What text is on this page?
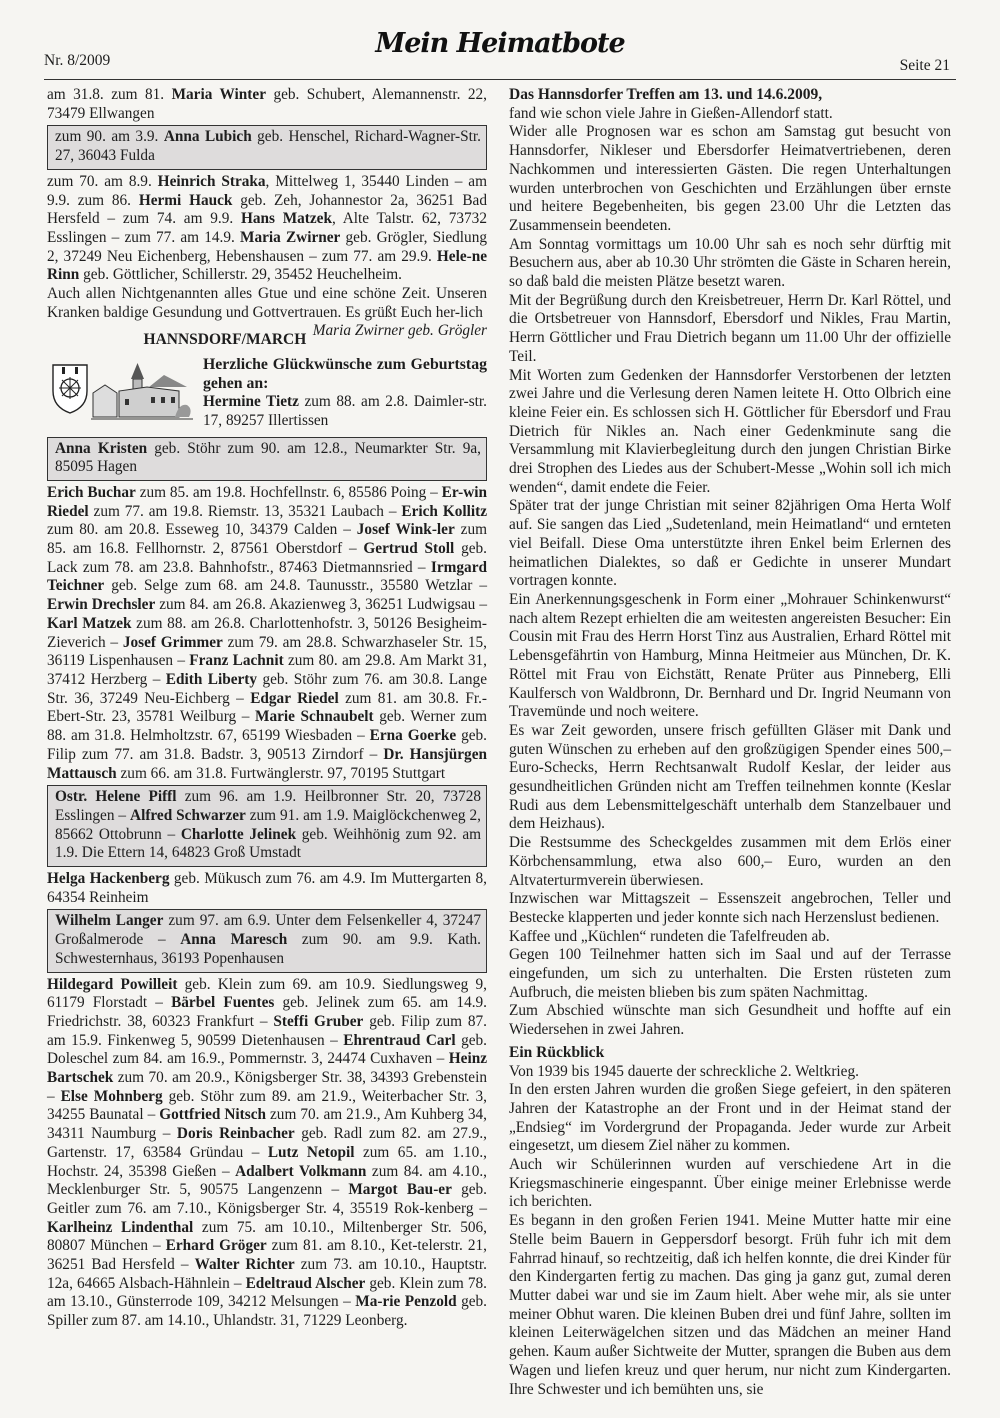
Nr. 8/2009
Mein Heimatbote
Seite 21

am 31.8. zum 81. Maria Winter geb. Schubert, Alemannenstr. 22, 73479 Ellwangen

zum 90. am 3.9. Anna Lubich geb. Henschel, Richard-Wagner-Str. 27, 36043 Fulda

zum 70. am 8.9. Heinrich Straka, Mittelweg 1, 35440 Linden – am 9.9. zum 86. Hermi Hauck geb. Zeh, Johannestor 2a, 36251 Bad Hersfeld – zum 74. am 9.9. Hans Matzek, Alte Talstr. 62, 73732 Esslingen – zum 77. am 14.9. Maria Zwirner geb. Grögler, Siedlung 2, 37249 Neu Eichenberg, Hebenshausen – zum 77. am 29.9. Hele-ne Rinn geb. Göttlicher, Schillerstr. 29, 35452 Heuchelheim.

Auch allen Nichtgenannten alles Gtue und eine schöne Zeit. Unseren Kranken baldige Gesundung und Gottvertrauen. Es grüßt Euch her-lich
Maria Zwirner geb. Grögler

HANNSDORF/MARCH
Herzliche Glückwünsche zum Geburtstag gehen an:
Hermine Tietz zum 88. am 2.8. Daimler-str. 17, 89257 Illertissen
Anna Kristen geb. Stöhr zum 90. am 12.8., Neumarkter Str. 9a, 85095 Hagen

Erich Buchar zum 85. am 19.8. Hochfellnstr. 6, 85586 Poing – Er-win Riedel zum 77. am 19.8. Riemstr. 13, 35321 Laubach – Erich Kollitz zum 80. am 20.8. Esseweg 10, 34379 Calden – Josef Wink-ler zum 85. am 16.8. Fellhornstr. 2, 87561 Oberstdorf – Gertrud Stoll geb. Lack zum 78. am 23.8. Bahnhofstr., 87463 Dietmannsried – Irmgard Teichner geb. Selge zum 68. am 24.8. Taunusstr., 35580 Wetzlar – Erwin Drechsler zum 84. am 26.8. Akazienweg 3, 36251 Ludwigsau – Karl Matzek zum 88. am 26.8. Charlottenhofstr. 3, 50126 Besigheim-Zieverich – Josef Grimmer zum 79. am 28.8. Schwarzhaseler Str. 15, 36119 Lispenhausen – Franz Lachnit zum 80. am 29.8. Am Markt 31, 37412 Herzberg – Edith Liberty geb. Stöhr zum 76. am 30.8. Lange Str. 36, 37249 Neu-Eichberg – Edgar Riedel zum 81. am 30.8. Fr.-Ebert-Str. 23, 35781 Weilburg – Marie Schnaubelt geb. Werner zum 88. am 31.8. Helmholtzstr. 67, 65199 Wiesbaden – Erna Goerke geb. Filip zum 77. am 31.8. Badstr. 3, 90513 Zirndorf – Dr. Hansjürgen Mattausch zum 66. am 31.8. Furtwänglerstr. 97, 70195 Stuttgart

Ostr. Helene Piffl zum 96. am 1.9. Heilbronner Str. 20, 73728 Esslingen – Alfred Schwarzer zum 91. am 1.9. Maiglöckchenweg 2, 85662 Ottobrunn – Charlotte Jelinek geb. Weihhönig zum 92. am 1.9. Die Ettern 14, 64823 Groß Umstadt

Helga Hackenberg geb. Mükusch zum 76. am 4.9. Im Muttergarten 8, 64354 Reinheim

Wilhelm Langer zum 97. am 6.9. Unter dem Felsenkeller 4, 37247 Großalmerode – Anna Maresch zum 90. am 9.9. Kath. Schwesternhaus, 36193 Popenhausen

Hildegard Powilleit geb. Klein zum 69. am 10.9. Siedlungsweg 9, 61179 Florstadt – Bärbel Fuentes geb. Jelinek zum 65. am 14.9. Friedrichstr. 38, 60323 Frankfurt – Steffi Gruber geb. Filip zum 87. am 15.9. Finkenweg 5, 90599 Dietenhausen – Ehrentraud Carl geb. Doleschel zum 84. am 16.9., Pommernstr. 3, 24474 Cuxhaven – Heinz Bartschek zum 70. am 20.9., Königsberger Str. 38, 34393 Grebenstein – Else Mohnberg geb. Stöhr zum 89. am 21.9., Weiterbacher Str. 3, 34255 Baunatal – Gottfried Nitsch zum 70. am 21.9., Am Kuhberg 34, 34311 Naumburg – Doris Reinbacher geb. Radl zum 82. am 27.9., Gartenstr. 17, 63584 Gründau – Lutz Netopil zum 65. am 1.10., Hochstr. 24, 35398 Gießen – Adalbert Volkmann zum 84. am 4.10., Mecklenburger Str. 5, 90575 Langenzenn – Margot Bau-er geb. Geitler zum 76. am 7.10., Königsberger Str. 4, 35519 Rok-kenberg – Karlheinz Lindenthal zum 75. am 10.10., Miltenberger Str. 506, 80807 München – Erhard Gröger zum 81. am 8.10., Ket-telerstr. 21, 36251 Bad Hersfeld – Walter Richter zum 73. am 10.10., Hauptstr. 12a, 64665 Alsbach-Hähnlein – Edeltraud Alscher geb. Klein zum 78. am 13.10., Günsterrode 109, 34212 Melsungen – Ma-rie Penzold geb. Spiller zum 87. am 14.10., Uhlandstr. 31, 71229 Leonberg.

Das Hannsdorfer Treffen am 13. und 14.6.2009,

fand wie schon viele Jahre in Gießen-Allendorf statt.

Wider alle Prognosen war es schon am Samstag gut besucht von Hannsdorfer, Nikleser und Ebersdorfer Heimatvertriebenen, deren Nachkommen und interessierten Gästen. Die regen Unterhaltungen wurden unterbrochen von Geschichten und Erzählungen über ernste und heitere Begebenheiten, bis gegen 23.00 Uhr die Letzten das Zusammensein beendeten.

Am Sonntag vormittags um 10.00 Uhr sah es noch sehr dürftig mit Besuchern aus, aber ab 10.30 Uhr strömten die Gäste in Scharen herein, so daß bald die meisten Plätze besetzt waren.

Mit der Begrüßung durch den Kreisbetreuer, Herrn Dr. Karl Röttel, und die Ortsbetreuer von Hannsdorf, Ebersdorf und Nikles, Frau Martin, Herrn Göttlicher und Frau Dietrich begann um 11.00 Uhr der offizielle Teil.

Mit Worten zum Gedenken der Hannsdorfer Verstorbenen der letzten zwei Jahre und die Verlesung deren Namen leitete H. Otto Olbrich eine kleine Feier ein. Es schlossen sich H. Göttlicher für Ebersdorf und Frau Dietrich für Nikles an. Nach einer Gedenkminute sang die Versammlung mit Klavierbegleitung durch den jungen Christian Birke drei Strophen des Liedes aus der Schubert-Messe „Wohin soll ich mich wenden“, damit endete die Feier.

Später trat der junge Christian mit seiner 82jährigen Oma Herta Wolf auf. Sie sangen das Lied „Sudetenland, mein Heimatland“ und ernteten viel Beifall. Diese Oma unterstützte ihren Enkel beim Erlernen des heimatlichen Dialektes, so daß er Gedichte in unserer Mundart vortragen konnte.

Ein Anerkennungsgeschenk in Form einer „Mohrauer Schinkenwurst“ nach altem Rezept erhielten die am weitesten angereisten Besucher: Ein Cousin mit Frau des Herrn Horst Tinz aus Australien, Erhard Röttel mit Lebensgefährtin von Hamburg, Minna Heitmeier aus München, Dr. K. Röttel mit Frau von Eichstätt, Renate Prüter aus Pinneberg, Elli Kaulfersch von Waldbronn, Dr. Bernhard und Dr. Ingrid Neumann von Travemünde und noch weitere.

Es war Zeit geworden, unsere frisch gefüllten Gläser mit Dank und guten Wünschen zu erheben auf den großzügigen Spender eines 500,– Euro-Schecks, Herrn Rechtsanwalt Rudolf Keslar, der leider aus gesundheitlichen Gründen nicht am Treffen teilnehmen konnte (Keslar Rudi aus dem Lebensmittelgeschäft unterhalb dem Stanzelbauer und dem Heizhaus).

Die Restsumme des Scheckgeldes zusammen mit dem Erlös einer Körbchensammlung, etwa also 600,– Euro, wurden an den Altvaterturmverein überwiesen.

Inzwischen war Mittagszeit – Essenszeit angebrochen, Teller und Bestecke klapperten und jeder konnte sich nach Herzenslust bedienen.

Kaffee und „Küchlen“ rundeten die Tafelfreuden ab.

Gegen 100 Teilnehmer hatten sich im Saal und auf der Terrasse eingefunden, um sich zu unterhalten. Die Ersten rüsteten zum Aufbruch, die meisten blieben bis zum späten Nachmittag.

Zum Abschied wünschte man sich Gesundheit und hoffte auf ein Wiedersehen in zwei Jahren.

Ein Rückblick

Von 1939 bis 1945 dauerte der schreckliche 2. Weltkrieg.

In den ersten Jahren wurden die großen Siege gefeiert, in den späteren Jahren der Katastrophe an der Front und in der Heimat stand der „Endsieg“ im Vordergrund der Propaganda. Jeder wurde zur Arbeit eingesetzt, um diesem Ziel näher zu kommen.

Auch wir Schülerinnen wurden auf verschiedene Art in die Kriegsmaschinerie eingespannt. Über einige meiner Erlebnisse werde ich berichten.

Es begann in den großen Ferien 1941. Meine Mutter hatte mir eine Stelle beim Bauern in Geppersdorf besorgt. Früh fuhr ich mit dem Fahrrad hinauf, so rechtzeitig, daß ich helfen konnte, die drei Kinder für den Kindergarten fertig zu machen. Das ging ja ganz gut, zumal deren Mutter dabei war und sie im Zaum hielt. Aber wehe mir, als sie unter meiner Obhut waren. Die kleinen Buben drei und fünf Jahre, sollten im kleinen Leiterwägelchen sitzen und das Mädchen an meiner Hand gehen. Kaum außer Sichtweite der Mutter, sprangen die Buben aus dem Wagen und liefen kreuz und quer herum, nur nicht zum Kindergarten. Ihre Schwester und ich bemühten uns, sie
